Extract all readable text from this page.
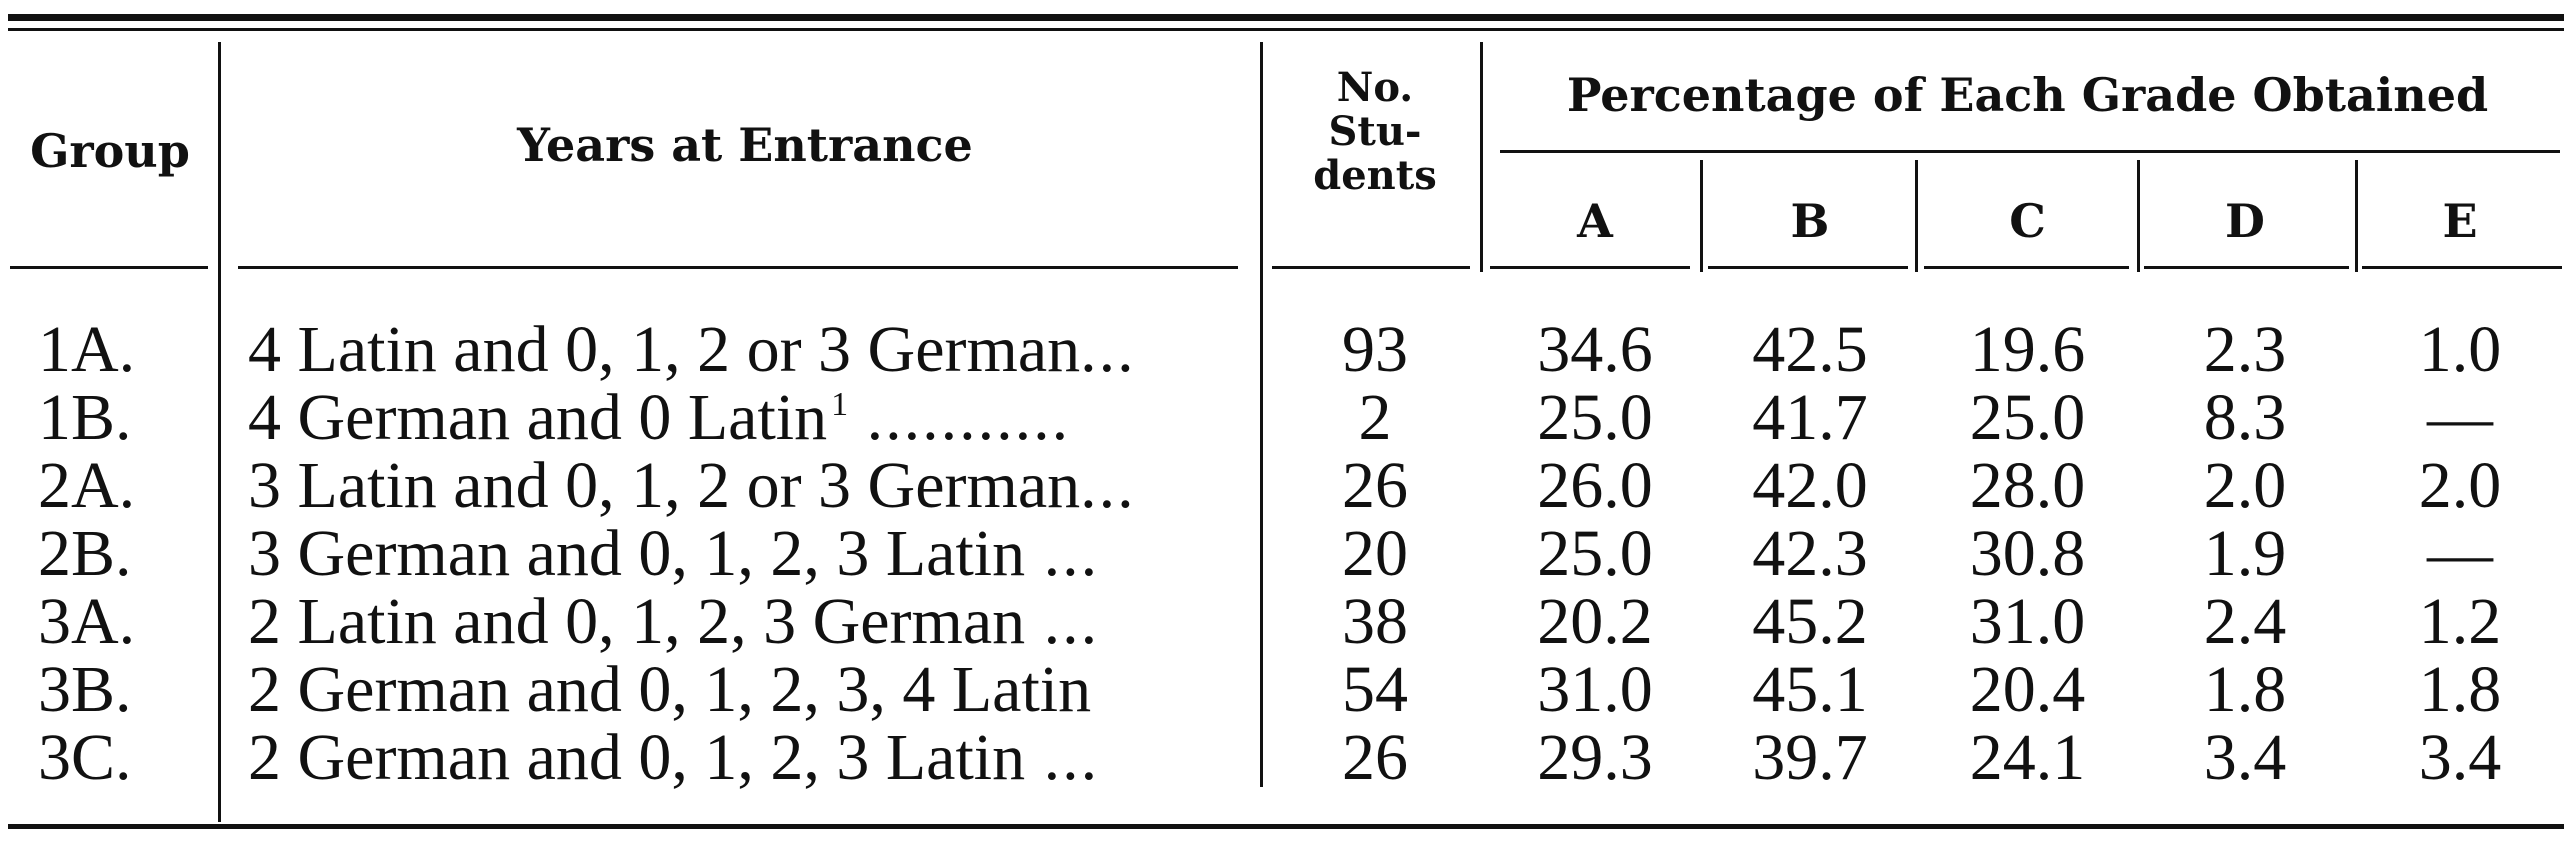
Group	Years at Entrance
No.
Stu-
dents
Percentage of Each Grade Obtained
A	B	C	D	E
1A.	4 Latin and 0, 1, 2 or 3 German...	93	34.6	42.5	19.6	2.3	1.0
1B.	4 German and 0 Latin $^1$ ...........	2	25.0	41.7	25.0	8.3	—
2A.	3 Latin and 0, 1, 2 or 3 German...	26	26.0	42.0	28.0	2.0	2.0
2B.	3 German and 0, 1, 2, 3 Latin ...	20	25.0	42.3	30.8	1.9	—
3A.	2 Latin and 0, 1, 2, 3 German ...	38	20.2	45.2	31.0	2.4	1.2
3B.	2 German and 0, 1, 2, 3, 4 Latin	54	31.0	45.1	20.4	1.8	1.8
3C.	2 German and 0, 1, 2, 3 Latin ...	26	29.3	39.7	24.1	3.4	3.4
